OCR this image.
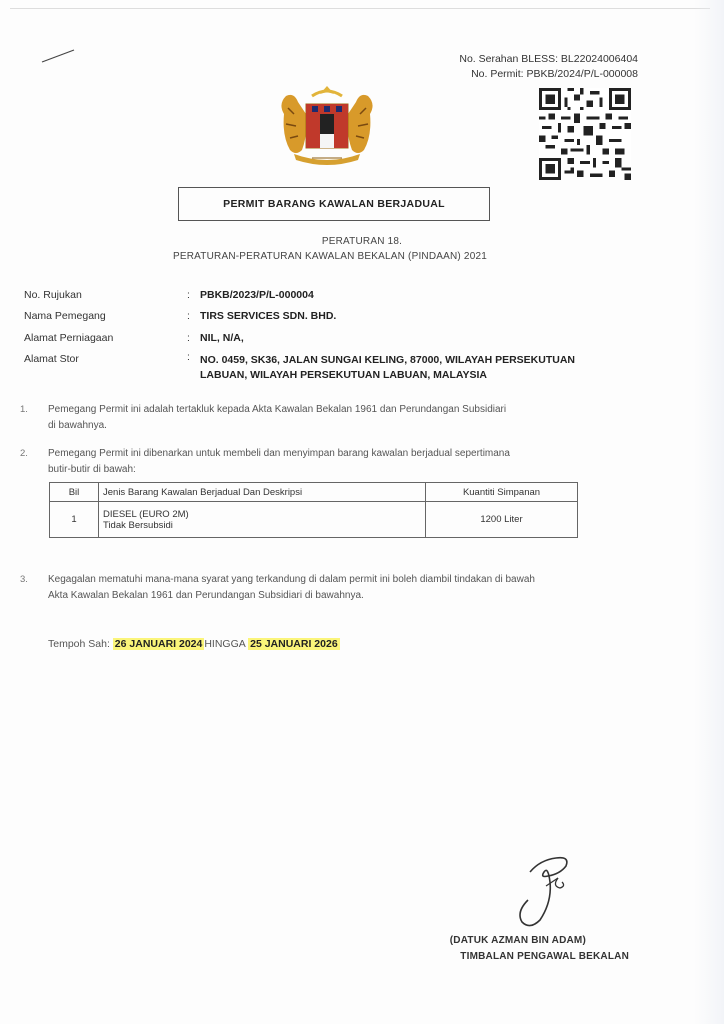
No. Serahan BLESS: BL22024006404
No. Permit: PBKB/2024/P/L-000008
PERMIT BARANG KAWALAN BERJADUAL
PERATURAN 18.
PERATURAN-PERATURAN KAWALAN BEKALAN (PINDAAN) 2021
No. Rujukan	: PBKB/2023/P/L-000004
Nama Pemegang	: TIRS SERVICES SDN. BHD.
Alamat Perniagaan	: NIL, N/A,
Alamat Stor	: NO. 0459, SK36, JALAN SUNGAI KELING, 87000, WILAYAH PERSEKUTUAN
LABUAN, WILAYAH PERSEKUTUAN LABUAN, MALAYSIA
1. Pemegang Permit ini adalah tertakluk kepada Akta Kawalan Bekalan 1961 dan Perundangan Subsidiari
di bawahnya.
2. Pemegang Permit ini dibenarkan untuk membeli dan menyimpan barang kawalan berjadual sepertimana
butir-butir di bawah:
Bil	Jenis Barang Kawalan Berjadual Dan Deskripsi	Kuantiti Simpanan
1	DIESEL (EURO 2M)
Tidak Bersubsidi	1200 Liter
3. Kegagalan mematuhi mana-mana syarat yang terkandung di dalam permit ini boleh diambil tindakan di bawah
Akta Kawalan Bekalan 1961 dan Perundangan Subsidiari di bawahnya.
Tempoh Sah: 26 JANUARI 2024 HINGGA 25 JANUARI 2026
(DATUK AZMAN BIN ADAM)
TIMBALAN PENGAWAL BEKALAN
